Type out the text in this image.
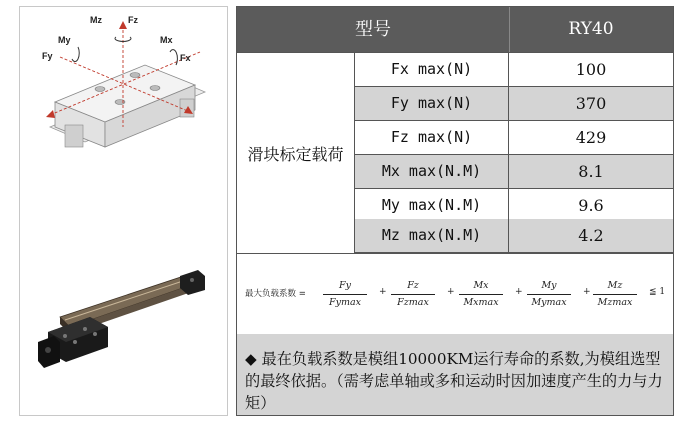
Mz	Fz
My	Mx
Fy	Fx
型号	RY40
滑块标定载荷
Fx max(N)	100
Fy max(N)	370
Fz max(N)	429
Mx max(N.M)	8.1
My max(N.M)	9.6
Mz max(N.M)	4.2
最大负载系数 =
Fy
Fymax
+
Fz
Fzmax
+
Mx
Mxmax
+
My
Mymax
+
Mz
Mzmax
≦ 1

◆ 最在负载系数是模组10000KM运行寿命的系数,为模组选型的最终依据。（需考虑单轴或多和运动时因加速度产生的力与力矩）
